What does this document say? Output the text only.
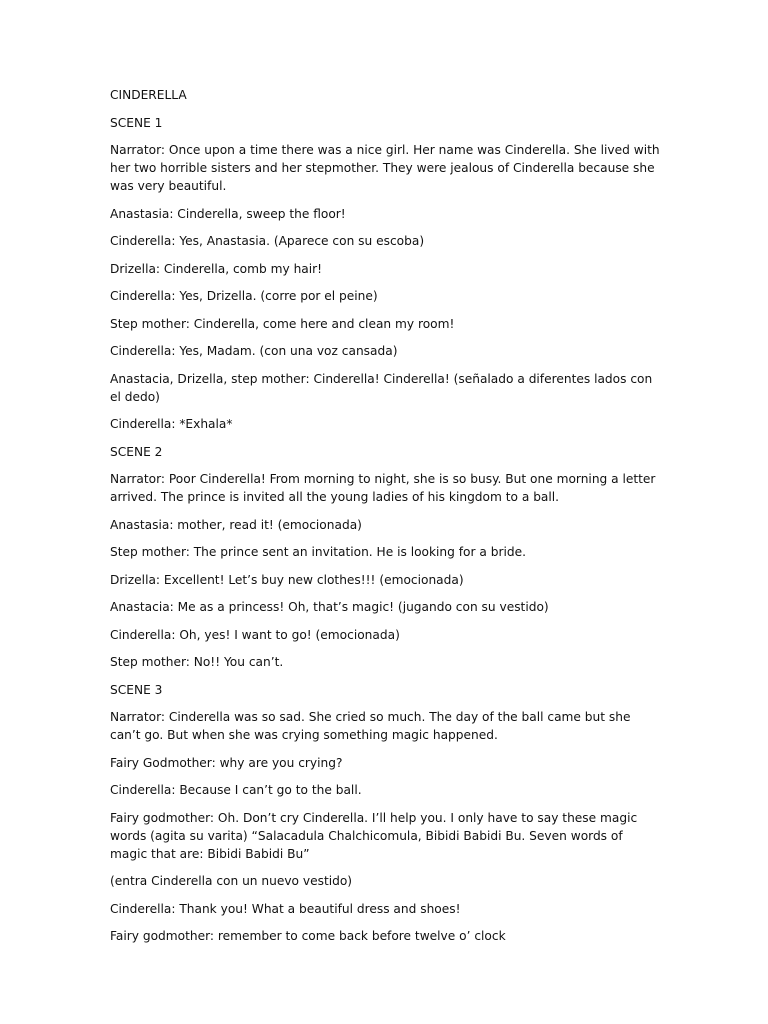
CINDERELLA

SCENE 1

Narrator: Once upon a time there was a nice girl. Her name was Cinderella. She lived with her two horrible sisters and her stepmother. They were jealous of Cinderella because she was very beautiful.

Anastasia: Cinderella, sweep the floor!

Cinderella: Yes, Anastasia. (Aparece con su escoba)

Drizella: Cinderella, comb my hair!

Cinderella: Yes, Drizella. (corre por el peine)

Step mother: Cinderella, come here and clean my room!

Cinderella: Yes, Madam. (con una voz cansada)

Anastacia, Drizella, step mother: Cinderella! Cinderella! (señalado a diferentes lados con el dedo)

Cinderella: *Exhala*

SCENE 2

Narrator: Poor Cinderella! From morning to night, she is so busy. But one morning a letter arrived. The prince is invited all the young ladies of his kingdom to a ball.

Anastasia: mother, read it! (emocionada)

Step mother: The prince sent an invitation. He is looking for a bride.

Drizella: Excellent! Let’s buy new clothes!!! (emocionada)

Anastacia: Me as a princess! Oh, that’s magic! (jugando con su vestido)

Cinderella: Oh, yes! I want to go! (emocionada)

Step mother: No!! You can’t.

SCENE 3

Narrator: Cinderella was so sad. She cried so much. The day of the ball came but she can’t go. But when she was crying something magic happened.

Fairy Godmother: why are you crying?

Cinderella: Because I can’t go to the ball.

Fairy godmother: Oh. Don’t cry Cinderella. I’ll help you. I only have to say these magic words (agita su varita) “Salacadula Chalchicomula, Bibidi Babidi Bu. Seven words of magic that are: Bibidi Babidi Bu”

(entra Cinderella con un nuevo vestido)

Cinderella: Thank you! What a beautiful dress and shoes!

Fairy godmother: remember to come back before twelve o’ clock
